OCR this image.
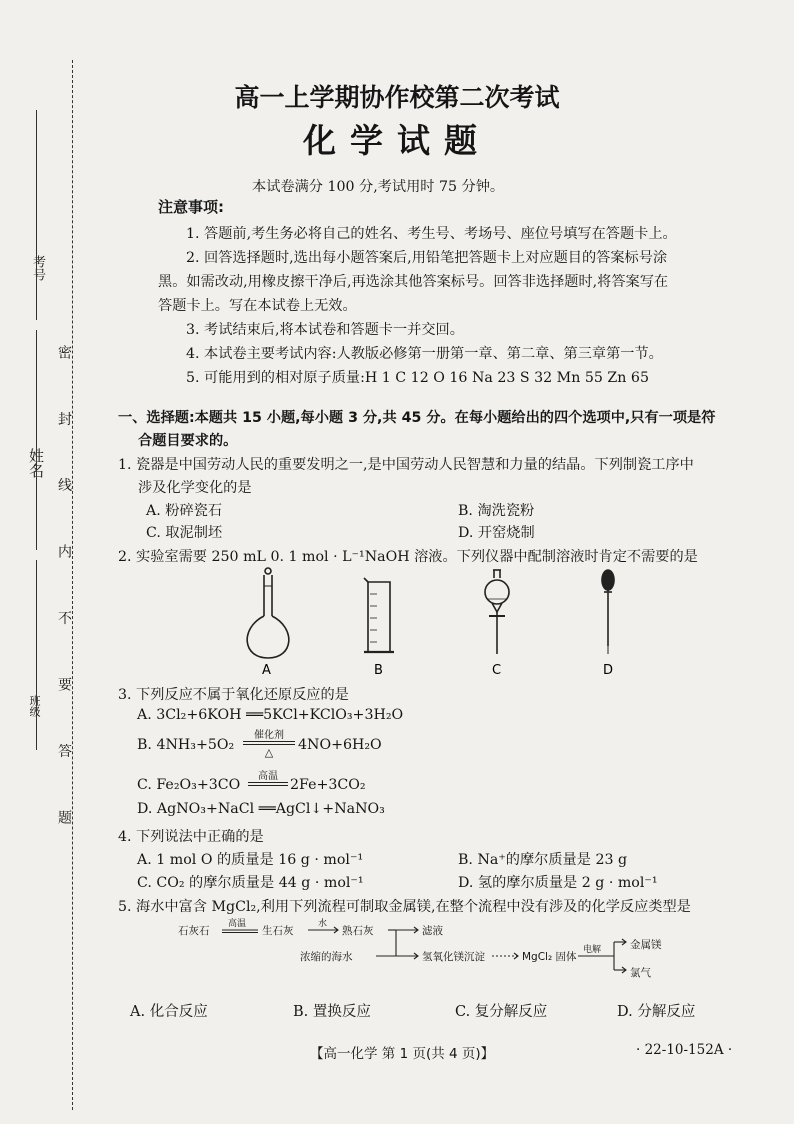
考号
姓名
班级 密 封 线 内 不 要 答 题
高一上学期协作校第二次考试
化学试题
本试卷满分 100 分,考试用时 75 分钟。
注意事项:
1. 答题前,考生务必将自己的姓名、考生号、考场号、座位号填写在答题卡上。
2. 回答选择题时,选出每小题答案后,用铅笔把答题卡上对应题目的答案标号涂
黑。如需改动,用橡皮擦干净后,再选涂其他答案标号。回答非选择题时,将答案写在
答题卡上。写在本试卷上无效。
3. 考试结束后,将本试卷和答题卡一并交回。
4. 本试卷主要考试内容:人教版必修第一册第一章、第二章、第三章第一节。
5. 可能用到的相对原子质量:H 1 C 12 O 16 Na 23 S 32 Mn 55 Zn 65
一、选择题:本题共 15 小题,每小题 3 分,共 45 分。在每小题给出的四个选项中,只有一项是符
合题目要求的。
1. 瓷器是中国劳动人民的重要发明之一,是中国劳动人民智慧和力量的结晶。下列制瓷工序中
涉及化学变化的是
A. 粉碎瓷石	B. 淘洗瓷粉
C. 取泥制坯	D. 开窑烧制
2. 实验室需要 250 mL 0. 1 mol · L⁻¹NaOH 溶液。下列仪器中配制溶液时肯定不需要的是
A	B	C	D
3. 下列反应不属于氧化还原反应的是
A. 3Cl₂+6KOH ══5KCl+KClO₃+3H₂O
B. 4NH₃+5O₂
催化剂
△	4NO+6H₂O
C. Fe₂O₃+3CO
高温
2Fe+3CO₂
D. AgNO₃+NaCl ══AgCl↓+NaNO₃
4. 下列说法中正确的是
A. 1 mol O 的质量是 16 g · mol⁻¹	B. Na⁺的摩尔质量是 23 g
C. CO₂ 的摩尔质量是 44 g · mol⁻¹	D. 氢的摩尔质量是 2 g · mol⁻¹
5. 海水中富含 MgCl₂,利用下列流程可制取金属镁,在整个流程中没有涉及的化学反应类型是
石灰石
高温
生石灰
水
熟石灰	滤液
浓缩的海水	氢氧化镁沉淀	MgCl₂ 固体
电解	金属镁
氯气
A. 化合反应	B. 置换反应	C. 复分解反应	D. 分解反应
【高一化学 第 1 页(共 4 页)】	· 22-10-152A ·
